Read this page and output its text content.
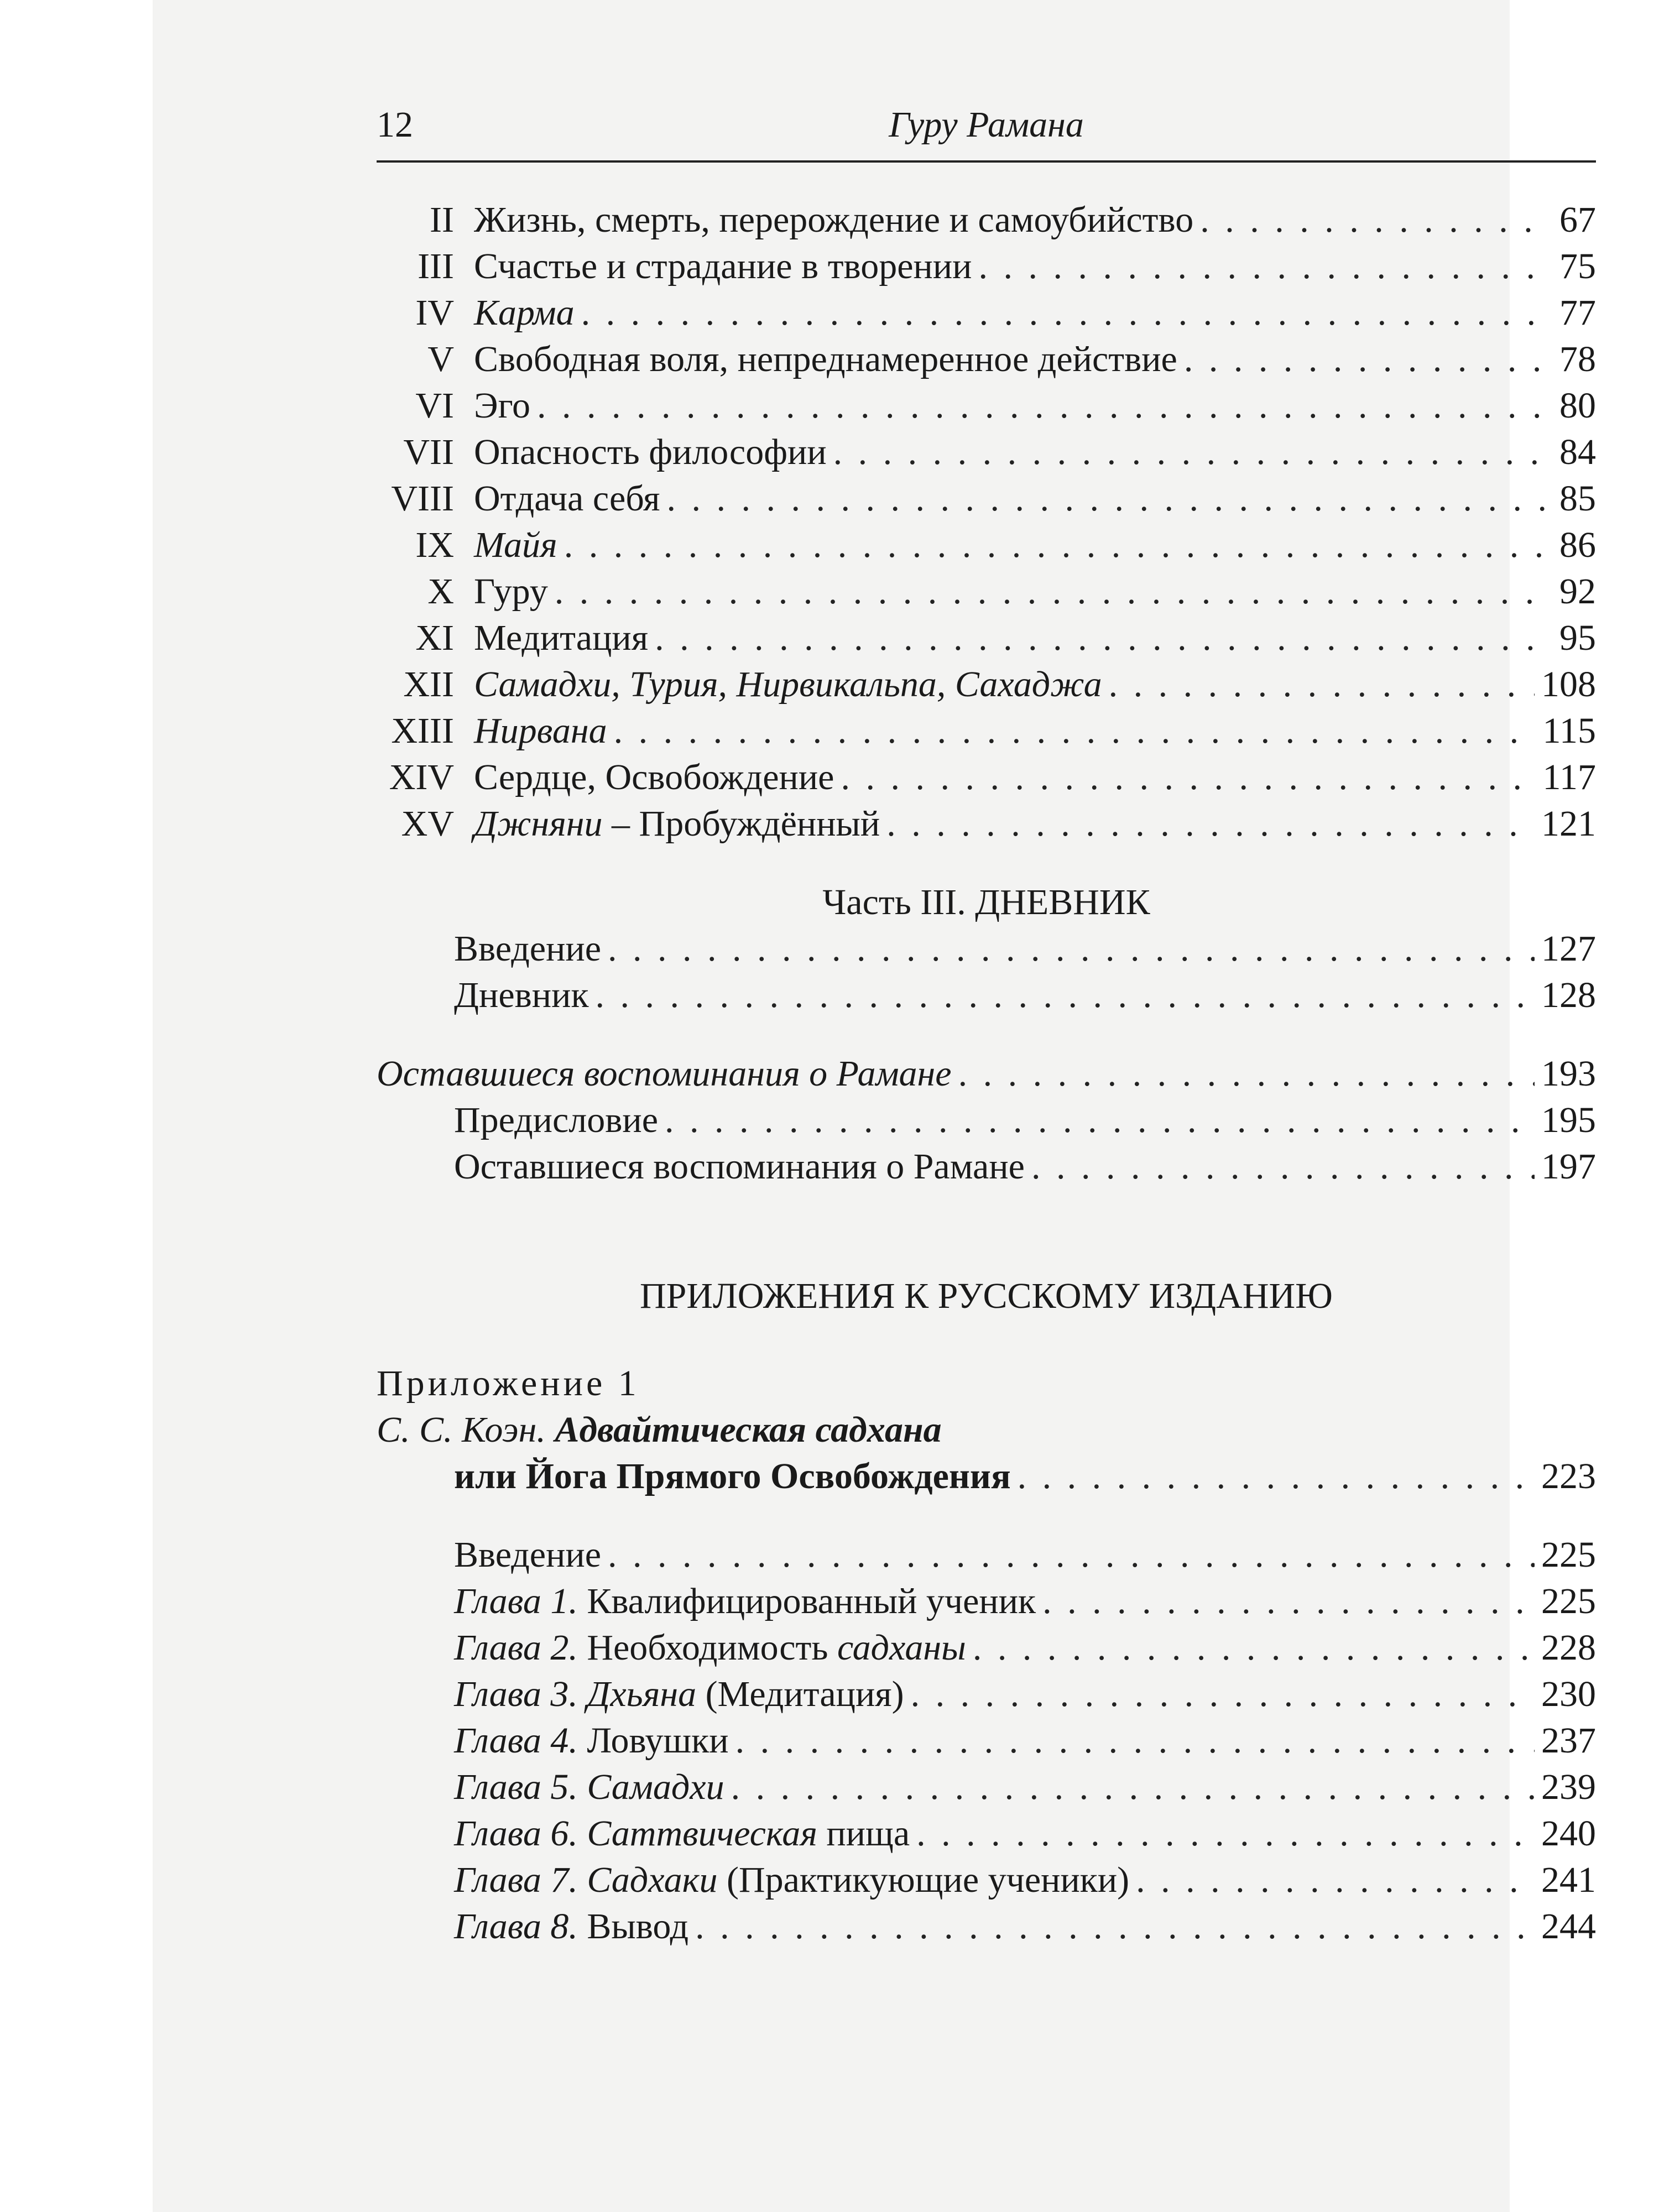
12	Гуру Рамана
II Жизнь, смерть, перерождение и самоубийство . . .	67
III Счастье и страдание в творении . . .	75
IV Карма . . .	77
V Свободная воля, непреднамеренное действие . . .	78
VI Эго . . .	80
VII Опасность философии . . .	84
VIII Отдача себя . . .	85
IX Майя . . .	86
X Гуру . . .	92
XI Медитация . . .	95
XII Самадхи, Турия, Нирвикальпа, Сахаджа . . .	108
XIII Нирвана . . .	115
XIV Сердце, Освобождение . . .	117
XV Джняни – Пробуждённый . . .	121
Часть III. ДНЕВНИК
Введение . . .	127
Дневник . . .	128
Оставшиеся воспоминания о Рамане . . .	193
Предисловие . . .	195
Оставшиеся воспоминания о Рамане . . .	197
ПРИЛОЖЕНИЯ К РУССКОМУ ИЗДАНИЮ
Приложение 1
С. С. Коэн. Адвайтическая садхана
или Йога Прямого Освобождения . . .	223
Введение . . .	225
Глава 1. Квалифицированный ученик . . .	225
Глава 2. Необходимость садханы . . .	228
Глава 3. Дхьяна (Медитация) . . .	230
Глава 4. Ловушки . . .	237
Глава 5. Самадхи . . .	239
Глава 6. Саттвическая пища . . .	240
Глава 7. Садхаки (Практикующие ученики) . . .	241
Глава 8. Вывод . . .	244
